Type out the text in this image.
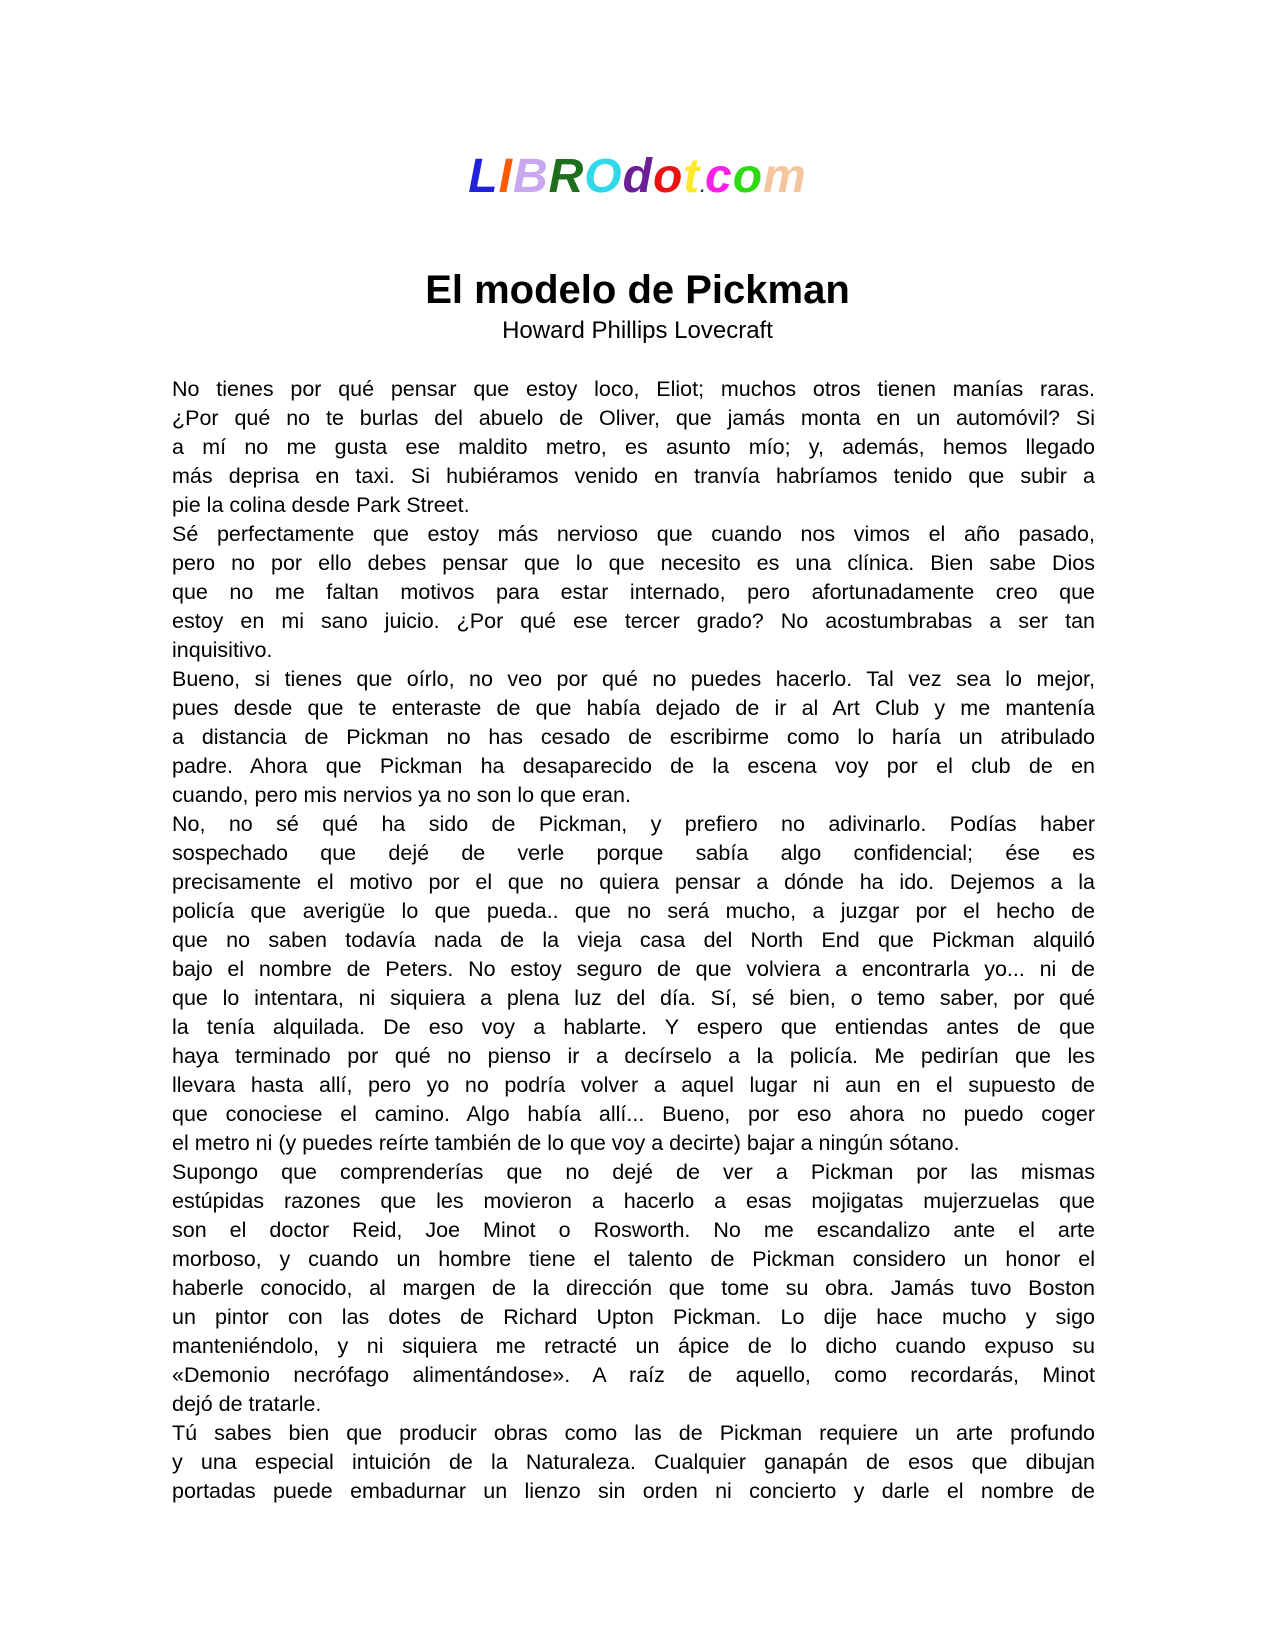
LIBROdot.com
El modelo de Pickman
Howard Phillips Lovecraft
No tienes por qué pensar que estoy loco, Eliot; muchos otros tienen manías raras.
¿Por qué no te burlas del abuelo de Oliver, que jamás monta en un automóvil? Si
a mí no me gusta ese maldito metro, es asunto mío; y, además, hemos llegado
más deprisa en taxi. Si hubiéramos venido en tranvía habríamos tenido que subir a
pie la colina desde Park Street.
Sé perfectamente que estoy más nervioso que cuando nos vimos el año pasado,
pero no por ello debes pensar que lo que necesito es una clínica. Bien sabe Dios
que no me faltan motivos para estar internado, pero afortunadamente creo que
estoy en mi sano juicio. ¿Por qué ese tercer grado? No acostumbrabas a ser tan
inquisitivo.
Bueno, si tienes que oírlo, no veo por qué no puedes hacerlo. Tal vez sea lo mejor,
pues desde que te enteraste de que había dejado de ir al Art Club y me mantenía
a distancia de Pickman no has cesado de escribirme como lo haría un atribulado
padre. Ahora que Pickman ha desaparecido de la escena voy por el club de en
cuando, pero mis nervios ya no son lo que eran.
No, no sé qué ha sido de Pickman, y prefiero no adivinarlo. Podías haber
sospechado que dejé de verle porque sabía algo confidencial; ése es
precisamente el motivo por el que no quiera pensar a dónde ha ido. Dejemos a la
policía que averigüe lo que pueda.. que no será mucho, a juzgar por el hecho de
que no saben todavía nada de la vieja casa del North End que Pickman alquiló
bajo el nombre de Peters. No estoy seguro de que volviera a encontrarla yo... ni de
que lo intentara, ni siquiera a plena luz del día. Sí, sé bien, o temo saber, por qué
la tenía alquilada. De eso voy a hablarte. Y espero que entiendas antes de que
haya terminado por qué no pienso ir a decírselo a la policía. Me pedirían que les
llevara hasta allí, pero yo no podría volver a aquel lugar ni aun en el supuesto de
que conociese el camino. Algo había allí... Bueno, por eso ahora no puedo coger
el metro ni (y puedes reírte también de lo que voy a decirte) bajar a ningún sótano.
Supongo que comprenderías que no dejé de ver a Pickman por las mismas
estúpidas razones que les movieron a hacerlo a esas mojigatas mujerzuelas que
son el doctor Reid, Joe Minot o Rosworth. No me escandalizo ante el arte
morboso, y cuando un hombre tiene el talento de Pickman considero un honor el
haberle conocido, al margen de la dirección que tome su obra. Jamás tuvo Boston
un pintor con las dotes de Richard Upton Pickman. Lo dije hace mucho y sigo
manteniéndolo, y ni siquiera me retracté un ápice de lo dicho cuando expuso su
«Demonio necrófago alimentándose». A raíz de aquello, como recordarás, Minot
dejó de tratarle.
Tú sabes bien que producir obras como las de Pickman requiere un arte profundo
y una especial intuición de la Naturaleza. Cualquier ganapán de esos que dibujan
portadas puede embadurnar un lienzo sin orden ni concierto y darle el nombre de
